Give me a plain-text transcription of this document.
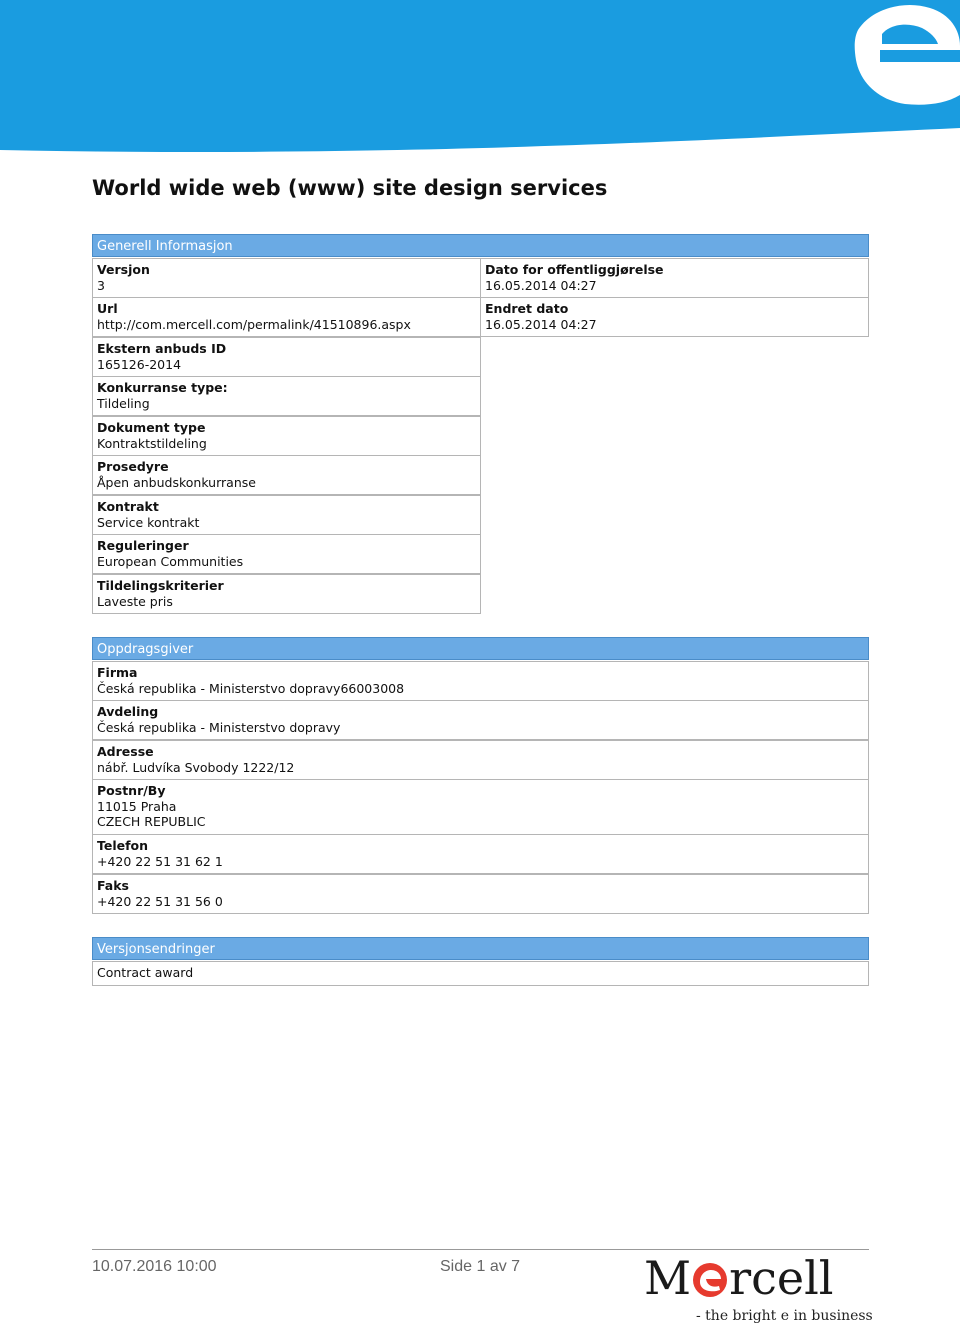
World wide web (www) site design services
Generell Informasjon
Versjon
3
Url
http://com.mercell.com/permalink/41510896.aspx
Ekstern anbuds ID
165126-2014
Konkurranse type:
Tildeling
Dokument type
Kontraktstildeling
Prosedyre
Åpen anbudskonkurranse
Kontrakt
Service kontrakt
Reguleringer
European Communities
Tildelingskriterier
Laveste pris
Dato for offentliggjørelse
16.05.2014 04:27
Endret dato
16.05.2014 04:27
Oppdragsgiver
Firma
Česká republika - Ministerstvo dopravy66003008
Avdeling
Česká republika - Ministerstvo dopravy
Adresse
nábř. Ludvíka Svobody 1222/12
Postnr/By
11015 Praha
CZECH REPUBLIC
Telefon
+420 22 51 31 62 1
Faks
+420 22 51 31 56 0
Versjonsendringer
Contract award
10.07.2016 10:00	Side 1 av 7	M rcell
- the bright e in business
